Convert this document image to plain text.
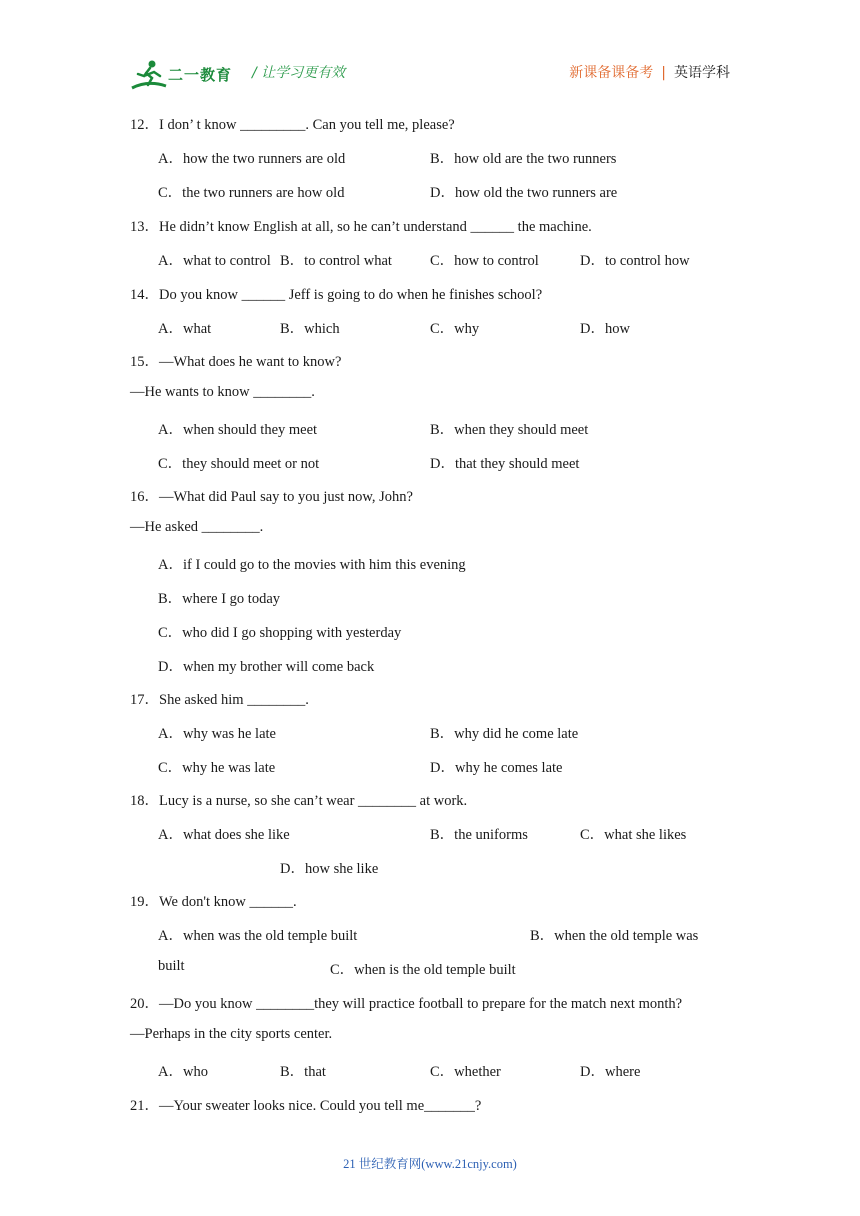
二一教育 / 让学习更有效	新课备课备考 | 英语学科
12．I don’ t know _________. Can you tell me, please?
A．how the two runners are old	B．how old are the two runners
C．the two runners are how old	D．how old the two runners are
13．He didn’t know English at all, so he can’t understand ______ the machine.
A．what to control B．to control what	C．how to control	D．to control how
14．Do you know ______ Jeff is going to do when he finishes school?
A．what	B．which	C．why	D．how
15．—What does he want to know?
—He wants to know ________.
A．when should they meet	B．when they should meet
C．they should meet or not	D．that they should meet
16．—What did Paul say to you just now, John?
—He asked ________.
A．if I could go to the movies with him this evening
B．where I go today
C．who did I go shopping with yesterday
D．when my brother will come back
17．She asked him ________.
A．why was he late	B．why did he come late
C．why he was late	D．why he comes late
18．Lucy is a nurse, so she can’t wear ________ at work.
A．what does she like	B．the uniforms	C．what she likes
D．how she like
19．We don't know ______.
A．when was the old temple built	B．when the old temple was
built	C．when is the old temple built
20．—Do you know ________they will practice football to prepare for the match next month?
—Perhaps in the city sports center.
A．who	B．that	C．whether	D．where
21．—Your sweater looks nice. Could you tell me_______?
21 世纪教育网(www.21cnjy.com)
